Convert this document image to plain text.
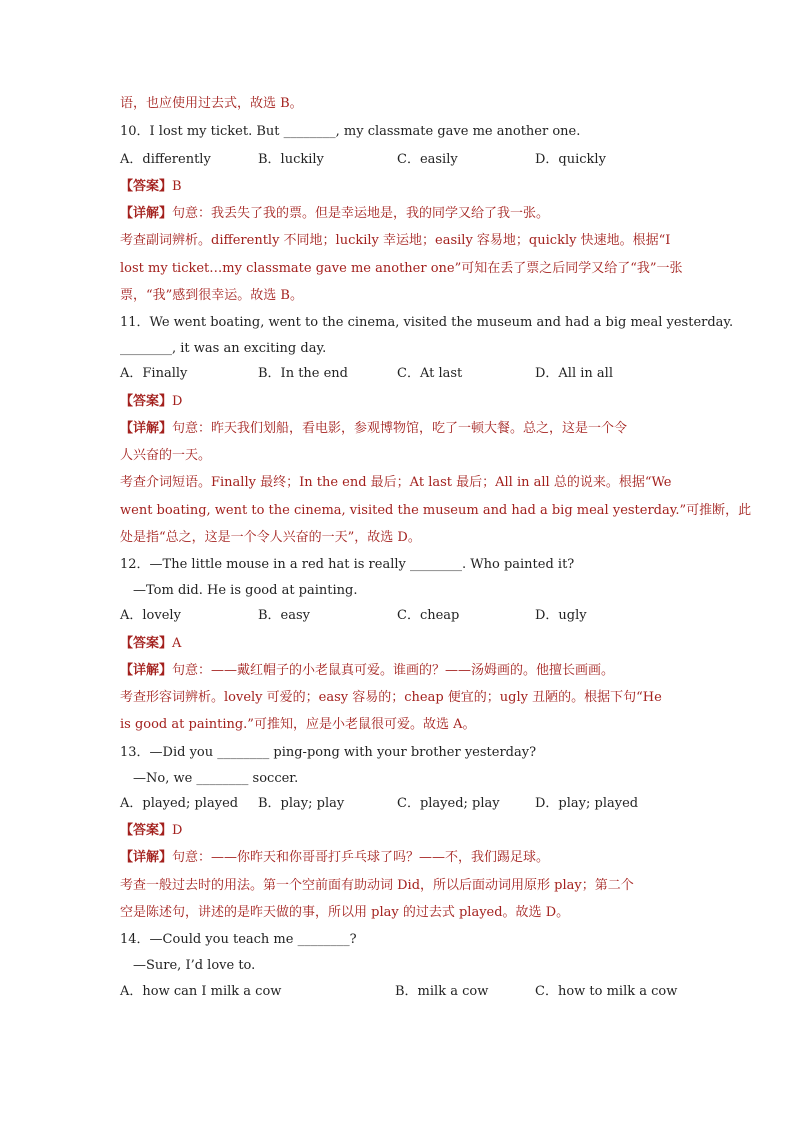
语，也应使用过去式，故选 B。
10．I lost my ticket. But ________, my classmate gave me another one.
A．differently	B．luckily	C．easily	D．quickly
【答案】B
【详解】句意：我丢失了我的票。但是幸运地是，我的同学又给了我一张。
考查副词辨析。differently 不同地；luckily 幸运地；easily 容易地；quickly 快速地。根据“I
lost my ticket…my classmate gave me another one”可知在丢了票之后同学又给了“我”一张
票，“我”感到很幸运。故选 B。
11．We went boating, went to the cinema, visited the museum and had a big meal yesterday.
________, it was an exciting day.
A．Finally	B．In the end	C．At last	D．All in all
【答案】D
【详解】句意：昨天我们划船，看电影，参观博物馆，吃了一顿大餐。总之，这是一个令
人兴奋的一天。
考查介词短语。Finally 最终；In the end 最后；At last 最后；All in all 总的说来。根据“We
went boating, went to the cinema, visited the museum and had a big meal yesterday.”可推断，此
处是指“总之，这是一个令人兴奋的一天”，故选 D。
12．—The little mouse in a red hat is really ________. Who painted it?
—Tom did. He is good at painting.
A．lovely	B．easy	C．cheap	D．ugly
【答案】A
【详解】句意：——戴红帽子的小老鼠真可爱。谁画的？——汤姆画的。他擅长画画。
考查形容词辨析。lovely 可爱的；easy 容易的；cheap 便宜的；ugly 丑陋的。根据下句“He
is good at painting.”可推知，应是小老鼠很可爱。故选 A。
13．—Did you ________ ping-pong with your brother yesterday?
—No, we ________ soccer.
A．played; played B．play; play	C．played; play	D．play; played
【答案】D
【详解】句意：——你昨天和你哥哥打乒乓球了吗？——不，我们踢足球。
考查一般过去时的用法。第一个空前面有助动词 Did，所以后面动词用原形 play；第二个
空是陈述句，讲述的是昨天做的事，所以用 play 的过去式 played。故选 D。
14．—Could you teach me ________?
—Sure, I’d love to.
A．how can I milk a cow	B．milk a cow	C．how to milk a cow
